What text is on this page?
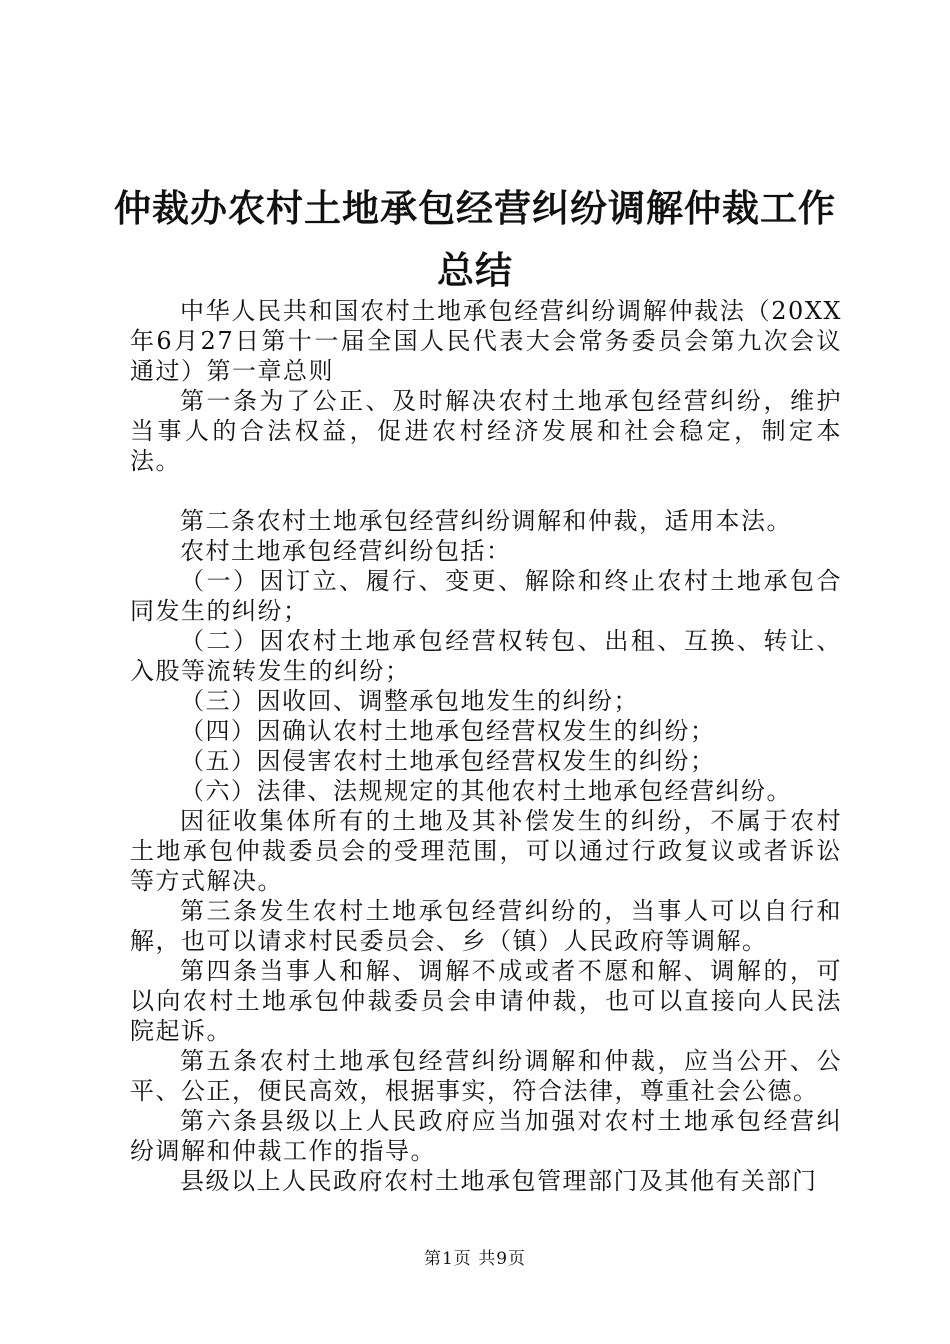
仲裁办农村土地承包经营纠纷调解仲裁工作总结

中华人民共和国农村土地承包经营纠纷调解仲裁法（20XX年6月27日第十一届全国人民代表大会常务委员会第九次会议通过）第一章总则

第一条为了公正、及时解决农村土地承包经营纠纷，维护当事人的合法权益，促进农村经济发展和社会稳定，制定本法。

第二条农村土地承包经营纠纷调解和仲裁，适用本法。

农村土地承包经营纠纷包括：

（一）因订立、履行、变更、解除和终止农村土地承包合同发生的纠纷；

（二）因农村土地承包经营权转包、出租、互换、转让、入股等流转发生的纠纷；

（三）因收回、调整承包地发生的纠纷；

（四）因确认农村土地承包经营权发生的纠纷；

（五）因侵害农村土地承包经营权发生的纠纷；

（六）法律、法规规定的其他农村土地承包经营纠纷。

因征收集体所有的土地及其补偿发生的纠纷，不属于农村土地承包仲裁委员会的受理范围，可以通过行政复议或者诉讼等方式解决。

第三条发生农村土地承包经营纠纷的，当事人可以自行和解，也可以请求村民委员会、乡（镇）人民政府等调解。

第四条当事人和解、调解不成或者不愿和解、调解的，可以向农村土地承包仲裁委员会申请仲裁，也可以直接向人民法院起诉。

第五条农村土地承包经营纠纷调解和仲裁，应当公开、公平、公正，便民高效，根据事实，符合法律，尊重社会公德。

第六条县级以上人民政府应当加强对农村土地承包经营纠纷调解和仲裁工作的指导。

县级以上人民政府农村土地承包管理部门及其他有关部门

第1页 共9页
